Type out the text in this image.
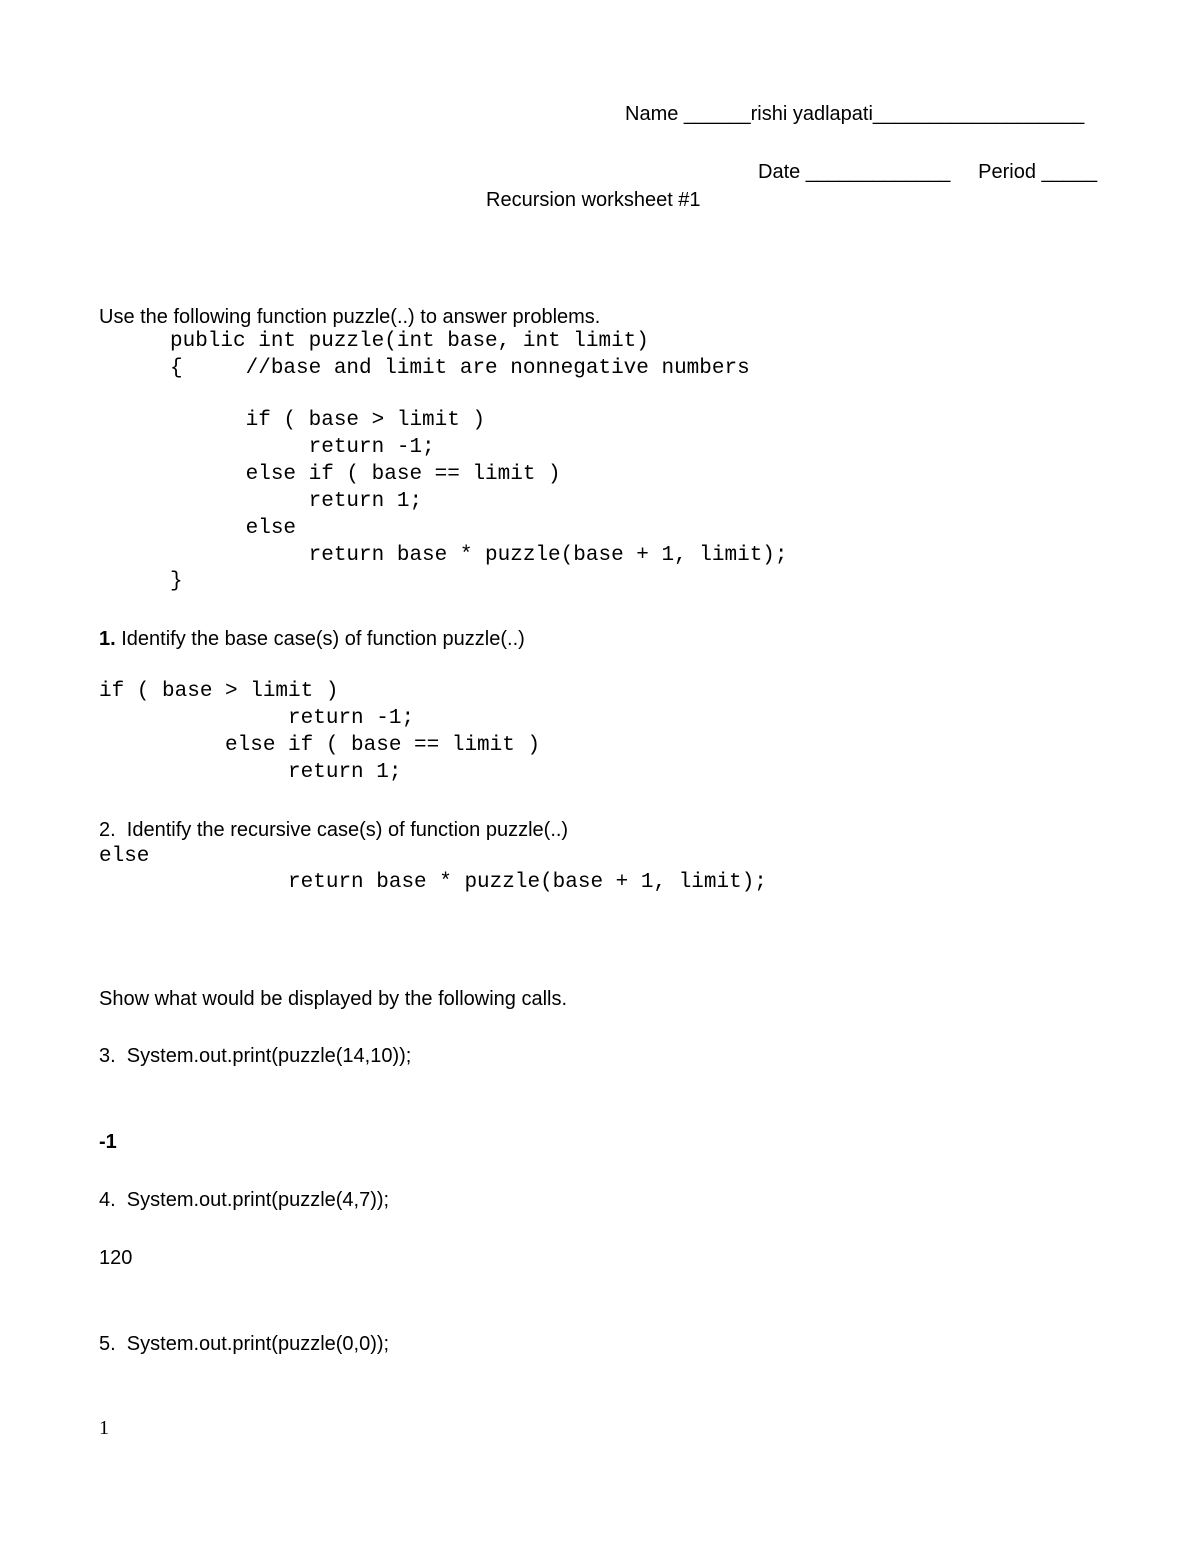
Name ______rishi yadlapati___________________
Date _____________     Period _____
Recursion worksheet #1
Use the following function puzzle(..) to answer problems.
public int puzzle(int base, int limit)
{     //base and limit are nonnegative numbers
if ( base > limit )
return -1;
else if ( base == limit )
return 1;
else
return base * puzzle(base + 1, limit);
}
1. Identify the base case(s) of function puzzle(..)
if ( base > limit )
return -1;
else if ( base == limit )
return 1;
2.  Identify the recursive case(s) of function puzzle(..)
else
return base * puzzle(base + 1, limit);
Show what would be displayed by the following calls.
3.  System.out.print(puzzle(14,10));
-1
4.  System.out.print(puzzle(4,7));
120
5.  System.out.print(puzzle(0,0));
1
